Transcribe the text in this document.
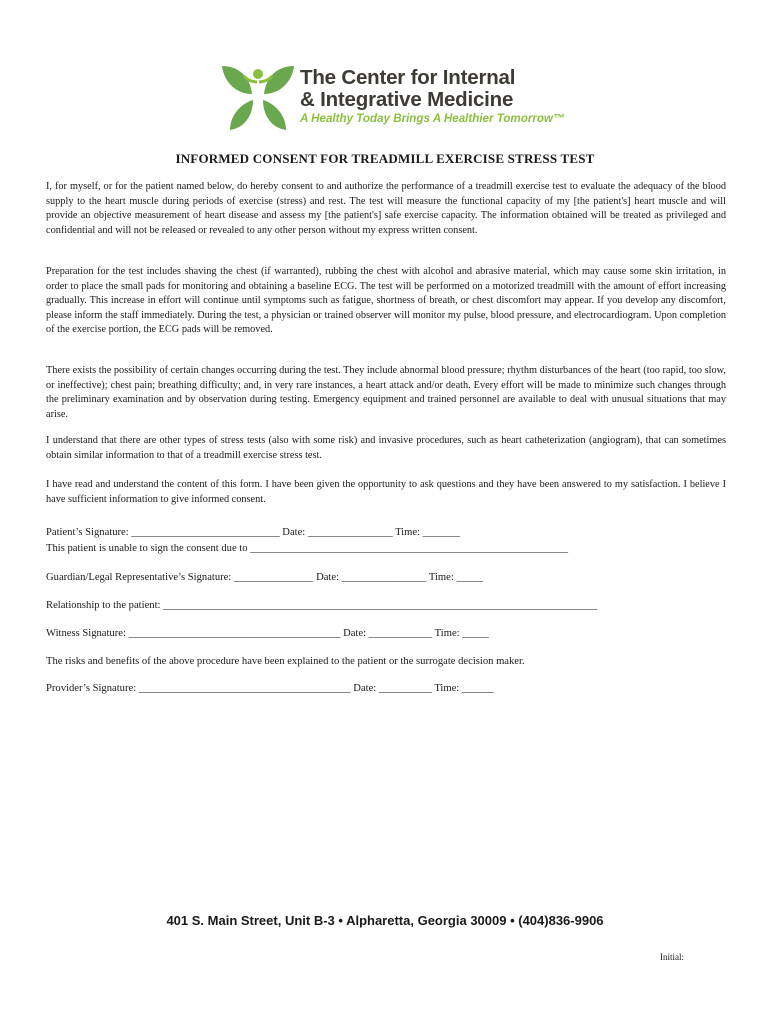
The Center for Internal
& Integrative Medicine
A Healthy Today Brings A Healthier Tomorrow™
INFORMED CONSENT FOR TREADMILL EXERCISE STRESS TEST

I, for myself, or for the patient named below, do hereby consent to and authorize the performance of a treadmill exercise test to evaluate the adequacy of the blood supply to the heart muscle during periods of exercise (stress) and rest. The test will measure the functional capacity of my [the patient's] heart muscle and will provide an objective measurement of heart disease and assess my [the patient's] safe exercise capacity. The information obtained will be treated as privileged and confidential and will not be released or revealed to any other person without my express written consent.

Preparation for the test includes shaving the chest (if warranted), rubbing the chest with alcohol and abrasive material, which may cause some skin irritation, in order to place the small pads for monitoring and obtaining a baseline ECG. The test will be performed on a motorized treadmill with the amount of effort increasing gradually. This increase in effort will continue until symptoms such as fatigue, shortness of breath, or chest discomfort may appear. If you develop any discomfort, please inform the staff immediately. During the test, a physician or trained observer will monitor my pulse, blood pressure, and electrocardiogram. Upon completion of the exercise portion, the ECG pads will be removed.

There exists the possibility of certain changes occurring during the test. They include abnormal blood pressure; rhythm disturbances of the heart (too rapid, too slow, or ineffective); chest pain; breathing difficulty; and, in very rare instances, a heart attack and/or death. Every effort will be made to minimize such changes through the preliminary examination and by observation during testing. Emergency equipment and trained personnel are available to deal with unusual situations that may arise.

I understand that there are other types of stress tests (also with some risk) and invasive procedures, such as heart catheterization (angiogram), that can sometimes obtain similar information to that of a treadmill exercise stress test.

I have read and understand the content of this form. I have been given the opportunity to ask questions and they have been answered to my satisfaction. I believe I have sufficient information to give informed consent.

Patient’s Signature: ____________________________ Date: ________________ Time: _______
This patient is unable to sign the consent due to ____________________________________________________________
Guardian/Legal Representative’s Signature: _______________ Date: ________________ Time: _____
Relationship to the patient: __________________________________________________________________________________
Witness Signature: ________________________________________ Date: ____________ Time: _____
The risks and benefits of the above procedure have been explained to the patient or the surrogate decision maker.
Provider’s Signature: ________________________________________ Date: __________ Time: ______
401 S. Main Street, Unit B-3 • Alpharetta, Georgia 30009 • (404)836-9906
Initial:
